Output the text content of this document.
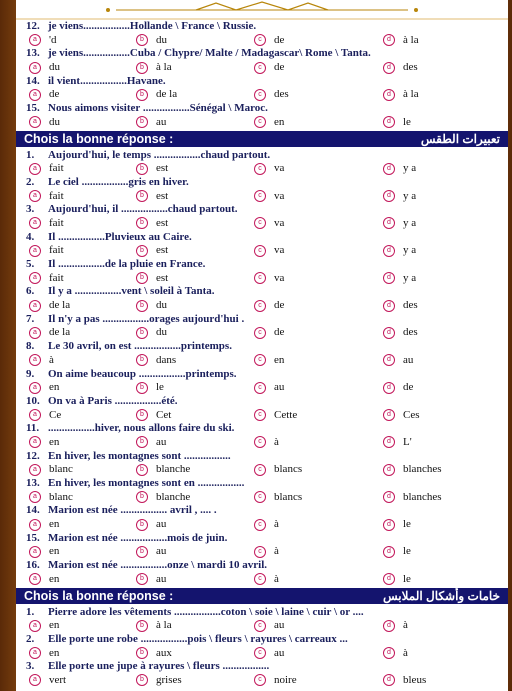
12. je viens.................Hollande \ France \ Russie.
a 'd	b du	c de	d à la
13. je viens.................Cuba / Chypre/ Malte / Madagascar\ Rome \ Tanta.
a du	b à la	c de	d des
14. il vient.................Havane.
a de	b de la	c des	d à la
15. Nous aimons visiter .................Sénégal \ Maroc.
a du	b au	c en	d le
Chois la bonne réponse :	تعبيرات الطقس
1. Aujourd'hui, le temps .................chaud partout.
a fait	b est	c va	d y a
2. Le ciel .................gris en hiver.
a fait	b est	c va	d y a
3. Aujourd'hui, il .................chaud partout.
a fait	b est	c va	d y a
4. Il .................Pluvieux au Caire.
a fait	b est	c va	d y a
5. Il .................de la pluie en France.
a fait	b est	c va	d y a
6. Il y a .................vent \ soleil à Tanta.
a de la	b du	c de	d des
7. Il n'y a pas .................orages aujourd'hui .
a de la	b du	c de	d des
8. Le 30 avril, on est .................printemps.
a à	b dans	c en	d au
9. On aime beaucoup .................printemps.
a en	b le	c au	d de
10. On va à Paris .................été.
a Ce	b Cet	c Cette	d Ces
11. .................hiver, nous allons faire du ski.
a en	b au	c à	d L'
12. En hiver, les montagnes sont .................
a blanc	b blanche	c blancs	d blanches
13. En hiver, les montagnes sont en .................
a blanc	b blanche	c blancs	d blanches
14. Marion est née ................. avril , .... .
a en	b au	c à	d le
15. Marion est née .................mois de juin.
a en	b au	c à	d le
16. Marion est née .................onze \ mardi 10 avril.
a en	b au	c à	d le
Chois la bonne réponse :	خامات وأشكال الملابس
1. Pierre adore les vêtements .................coton \ soie \ laine \ cuir \ or ....
a en	b à la	c au	d à
2. Elle porte une robe .................pois \ fleurs \ rayures \ carreaux ...
a en	b aux	c au	d à
3. Elle porte une jupe à rayures \ fleurs .................
a vert	b grises	c noire	d bleus
